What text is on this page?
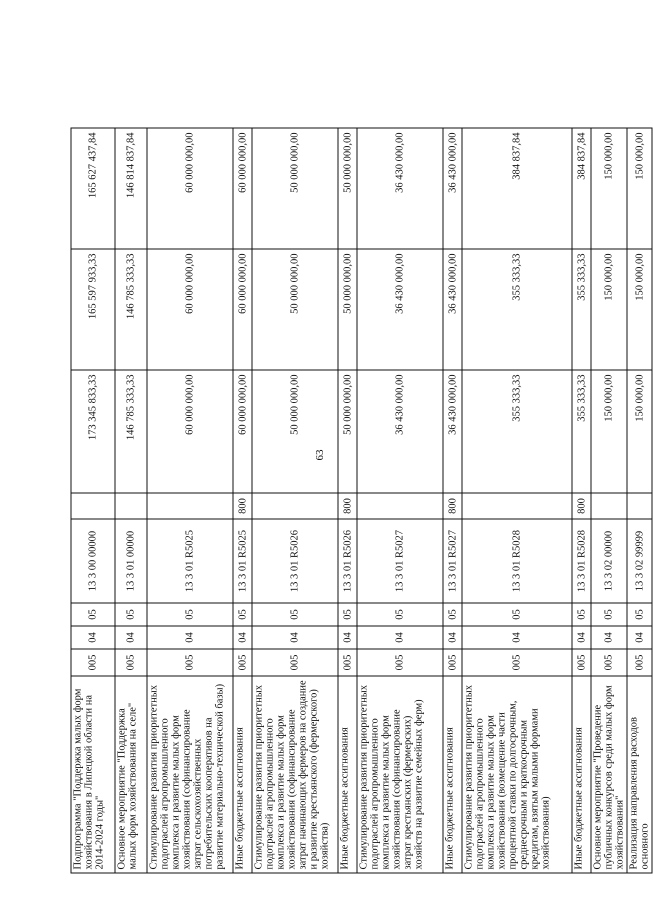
63
Подпрограмма "Поддержка малых форм хозяйствования в Липецкой области на 2014-2024 годы"	005	04	05	13 3 00 00000		173 345 833,33	165 597 933,33	165 627 437,84
Основное мероприятие "Поддержка малых форм хозяйствования на селе"	005	04	05	13 3 01 00000		146 785 333,33	146 785 333,33	146 814 837,84
Стимулирование развития приоритетных подотраслей агропромышленного комплекса и развитие малых форм хозяйствования (софинансирование затрат сельскохозяйственных потребительских кооперативов на развитие материально-технической базы)	005	04	05	13 3 01 R5025		60 000 000,00	60 000 000,00	60 000 000,00
Иные бюджетные ассигнования	005	04	05	13 3 01 R5025	800	60 000 000,00	60 000 000,00	60 000 000,00
Стимулирование развития приоритетных подотраслей агропромышленного комплекса и развитие малых форм хозяйствования (софинансирование затрат начинающих фермеров на создание и развитие крестьянского (фермерского) хозяйства)	005	04	05	13 3 01 R5026		50 000 000,00	50 000 000,00	50 000 000,00
Иные бюджетные ассигнования	005	04	05	13 3 01 R5026	800	50 000 000,00	50 000 000,00	50 000 000,00
Стимулирование развития приоритетных подотраслей агропромышленного комплекса и развитие малых форм хозяйствования (софинансирование затрат крестьянских (фермерских) хозяйств на развитие семейных ферм)	005	04	05	13 3 01 R5027		36 430 000,00	36 430 000,00	36 430 000,00
Иные бюджетные ассигнования	005	04	05	13 3 01 R5027	800	36 430 000,00	36 430 000,00	36 430 000,00
Стимулирование развития приоритетных подотраслей агропромышленного комплекса и развитие малых форм хозяйствования (возмещение части процентной ставки по долгосрочным, среднесрочным и краткосрочным кредитам, взятым малыми формами хозяйствования)	005	04	05	13 3 01 R5028		355 333,33	355 333,33	384 837,84
Иные бюджетные ассигнования	005	04	05	13 3 01 R5028	800	355 333,33	355 333,33	384 837,84
Основное мероприятие "Проведение публичных конкурсов среди малых форм хозяйствования"	005	04	05	13 3 02 00000		150 000,00	150 000,00	150 000,00
Реализация направления расходов основного	005	04	05	13 3 02 99999		150 000,00	150 000,00	150 000,00
